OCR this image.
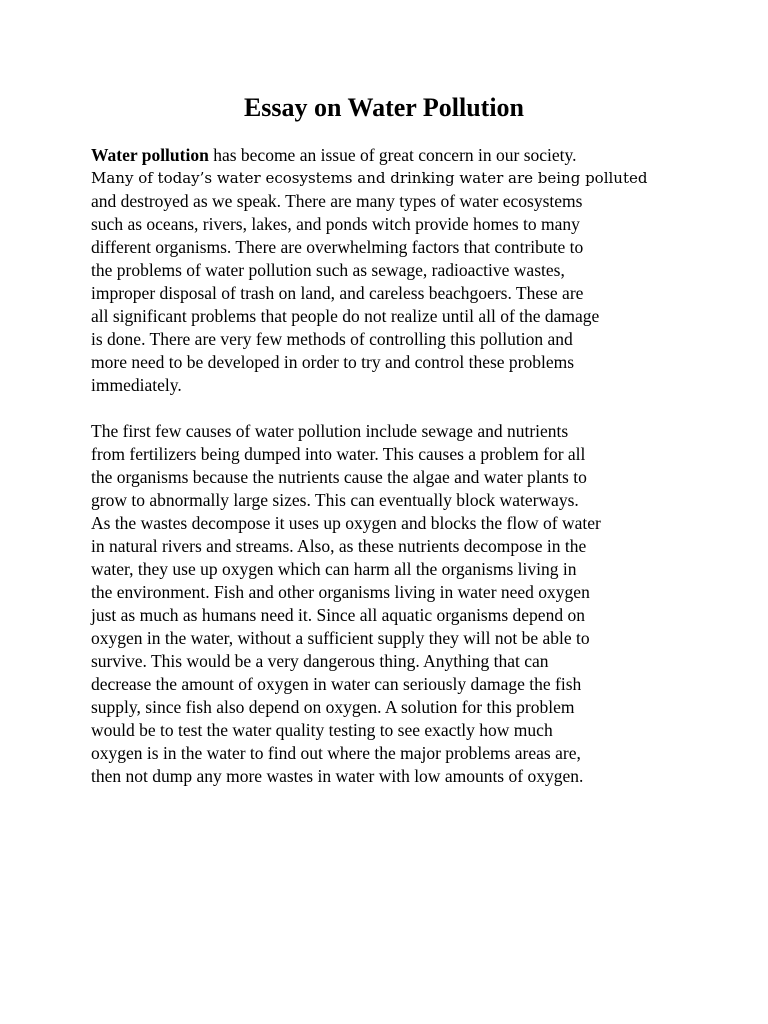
Essay on Water Pollution

Water pollution has become an issue of great concern in our society.
Many of today’s water ecosystems and drinking water are being polluted
and destroyed as we speak. There are many types of water ecosystems
such as oceans, rivers, lakes, and ponds witch provide homes to many
different organisms. There are overwhelming factors that contribute to
the problems of water pollution such as sewage, radioactive wastes,
improper disposal of trash on land, and careless beachgoers. These are
all significant problems that people do not realize until all of the damage
is done. There are very few methods of controlling this pollution and
more need to be developed in order to try and control these problems
immediately.

The first few causes of water pollution include sewage and nutrients
from fertilizers being dumped into water. This causes a problem for all
the organisms because the nutrients cause the algae and water plants to
grow to abnormally large sizes. This can eventually block waterways.
As the wastes decompose it uses up oxygen and blocks the flow of water
in natural rivers and streams. Also, as these nutrients decompose in the
water, they use up oxygen which can harm all the organisms living in
the environment. Fish and other organisms living in water need oxygen
just as much as humans need it. Since all aquatic organisms depend on
oxygen in the water, without a sufficient supply they will not be able to
survive. This would be a very dangerous thing. Anything that can
decrease the amount of oxygen in water can seriously damage the fish
supply, since fish also depend on oxygen. A solution for this problem
would be to test the water quality testing to see exactly how much
oxygen is in the water to find out where the major problems areas are,
then not dump any more wastes in water with low amounts of oxygen.
